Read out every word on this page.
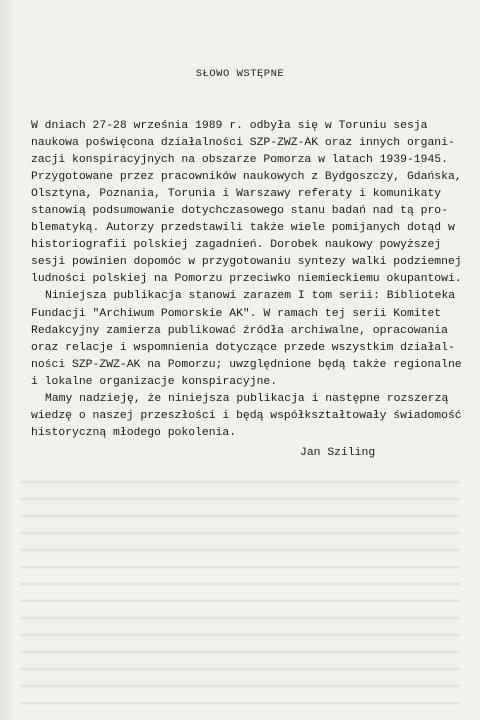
SŁOWO WSTĘPNE
W dniach 27-28 września 1989 r. odbyła się w Toruniu sesja
naukowa poświęcona działalności SZP-ZWZ-AK oraz innych organi-
zacji konspiracyjnych na obszarze Pomorza w latach 1939-1945.
Przygotowane przez pracowników naukowych z Bydgoszczy, Gdańska,
Olsztyna, Poznania, Torunia i Warszawy referaty i komunikaty
stanowią podsumowanie dotychczasowego stanu badań nad tą pro-
blematyką. Autorzy przedstawili także wiele pomijanych dotąd w
historiografii polskiej zagadnień. Dorobek naukowy powyższej
sesji powinien dopomóc w przygotowaniu syntezy walki podziemnej
ludności polskiej na Pomorzu przeciwko niemieckiemu okupantowi.
Niniejsza publikacja stanowi zarazem I tom serii: Biblioteka
Fundacji "Archiwum Pomorskie AK". W ramach tej serii Komitet
Redakcyjny zamierza publikować źródła archiwalne, opracowania
oraz relacje i wspomnienia dotyczące przede wszystkim działal-
ności SZP-ZWZ-AK na Pomorzu; uwzględnione będą także regionalne
i lokalne organizacje konspiracyjne.
Mamy nadzieję, że niniejsza publikacja i następne rozszerzą
wiedzę o naszej przeszłości i będą współkształtowały świadomość
historyczną młodego pokolenia.
Jan Sziling
